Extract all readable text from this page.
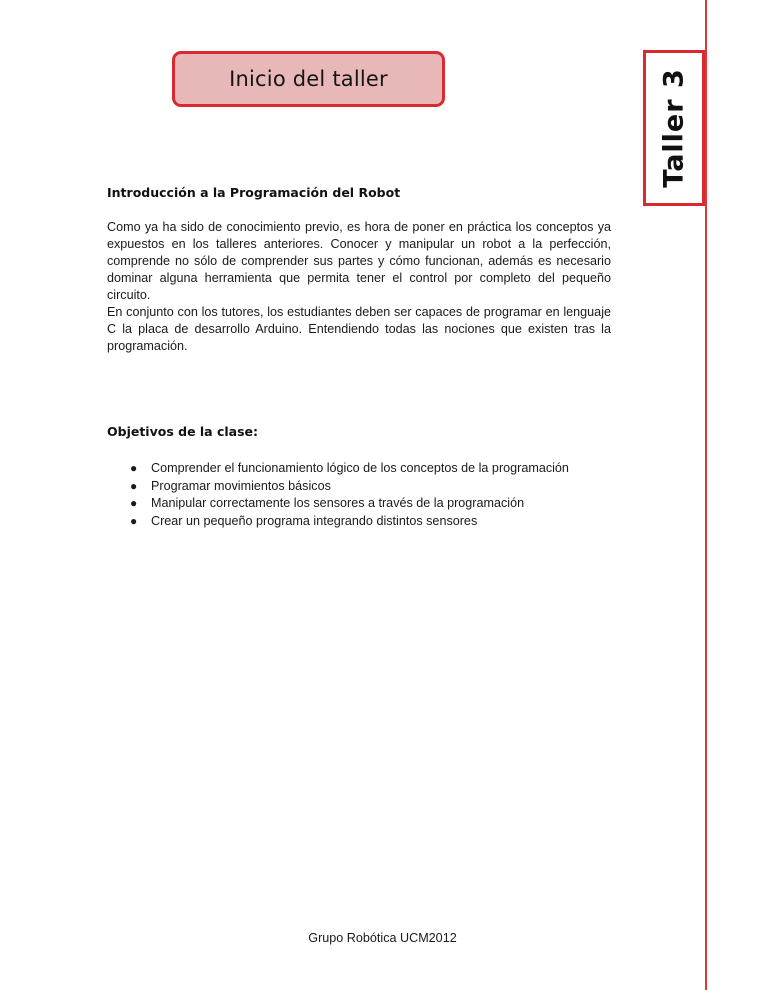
Inicio del taller	Taller 3
Introducción a la Programación del Robot

Como ya ha sido de conocimiento previo, es hora de poner en práctica los conceptos ya expuestos en los talleres anteriores. Conocer y manipular un robot a la perfección, comprende no sólo de comprender sus partes y cómo funcionan, además es necesario dominar alguna herramienta que permita tener el control por completo del pequeño circuito.

En conjunto con los tutores, los estudiantes deben ser capaces de programar en lenguaje C la placa de desarrollo Arduino. Entendiendo todas las nociones que existen tras la programación.

Objetivos de la clase:
● Comprender el funcionamiento lógico de los conceptos de la programación
● Programar movimientos básicos
● Manipular correctamente los sensores a través de la programación
● Crear un pequeño programa integrando distintos sensores
Grupo Robótica UCM2012
